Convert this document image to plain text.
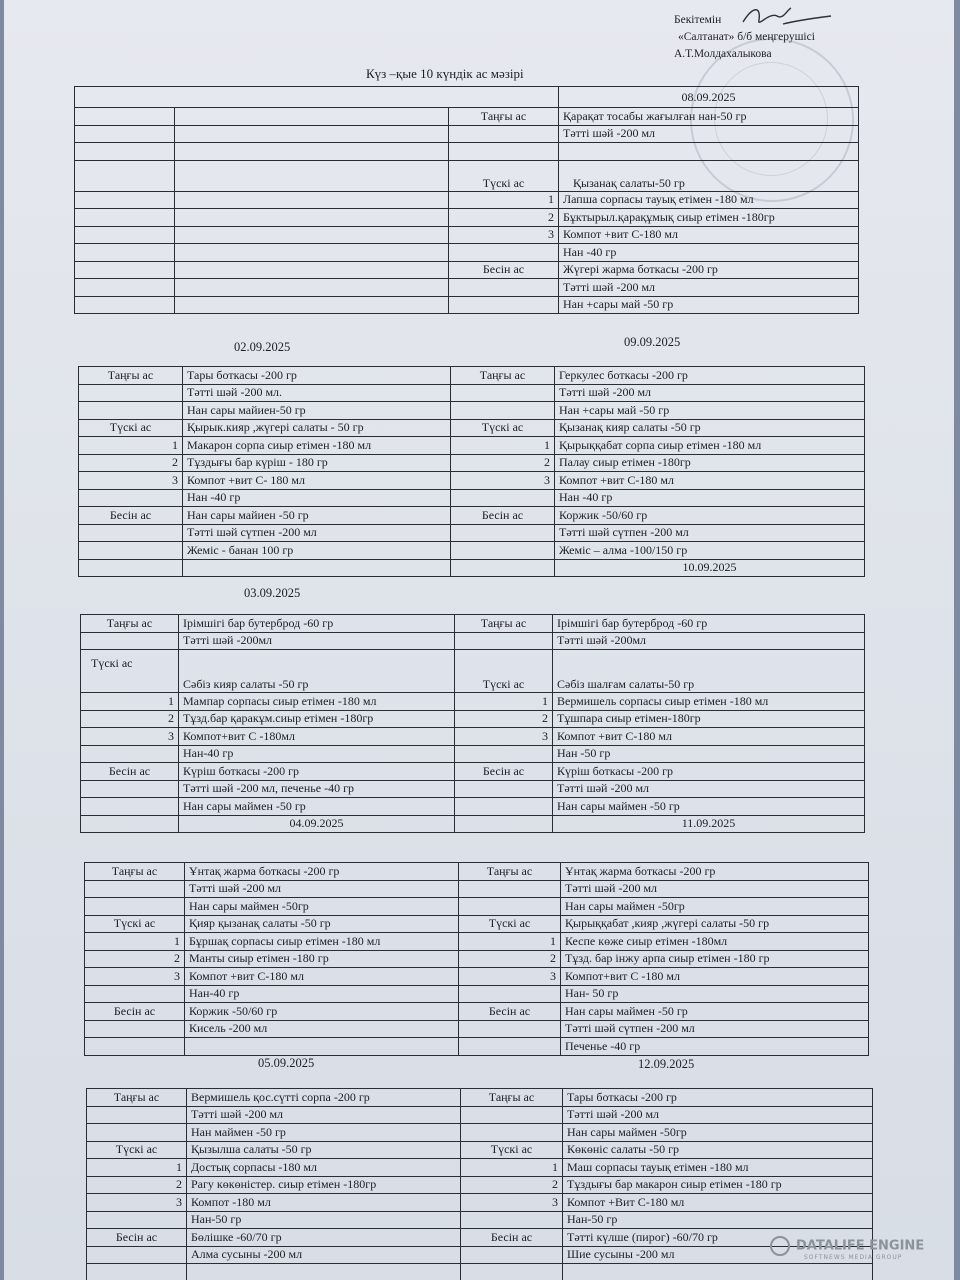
Бекітемін
«Салтанат» б/б меңгерушісі
А.Т.Молдахалыкова
Күз –қые 10 күндік ас мәзірі
			08.09.2025
		Таңғы ас	Қарақат тосабы жағылған нан-50 гр
			Тәтті шәй -200 мл

		Түскі ас	Қызанақ салаты-50 гр
		1	Лапша сорпасы тауық етімен -180 мл
		2	Бұктырыл.қарақұмық сиыр етімен -180гр
		3	Компот +вит С-180 мл
			Нан -40 гр
		Бесін ас	Жүгері жарма боткасы -200 гр
			Тәтті шәй -200 мл
			Нан +сары май -50 гр
02.09.2025	09.09.2025
Таңғы ас	Тары боткасы -200 гр	Таңғы ас	Геркулес боткасы -200 гр
	Тәтті шәй -200 мл.		Тәтті шәй -200 мл
	Нан сары майиен-50 гр		Нан +сары май -50 гр
Түскі ас	Қырык.кияр ,жүгері салаты - 50 гр	Түскі ас	Қызанақ кияр салаты -50 гр
1	Макарон сорпа сиыр етімен -180 мл	1	Қырыққабат сорпа сиыр етімен -180 мл
2	Тұздығы бар күріш - 180 гр	2	Палау сиыр етімен -180гр
3	Компот +вит С- 180 мл	3	Компот +вит С-180 мл
	Нан -40 гр		Нан -40 гр
Бесін ас	Нан сары майиен -50 гр	Бесін ас	Коржик -50/60 гр
	Тәтті шәй сүтпен -200 мл		Тәтті шәй сүтпен -200 мл
	Жеміс - банан 100 гр		Жеміс – алма -100/150 гр
			10.09.2025
03.09.2025
Таңғы ас	Ірімшігі бар бутерброд -60 гр	Таңғы ас	Ірімшігі бар бутерброд -60 гр
	Тәтті шәй -200мл		Тәтті шәй -200мл
Түскі ас	Сәбіз кияр салаты -50 гр	Түскі ас	Сәбіз шалғам салаты-50 гр
1	Мампар сорпасы сиыр етімен -180 мл	1	Вермишель сорпасы сиыр етімен -180 мл
2	Тұзд.бар қаракұм.сиыр етімен -180гр	2	Тұшпара сиыр етімен-180гр
3	Компот+вит С -180мл	3	Компот +вит С-180 мл
	Нан-40 гр		Нан -50 гр
Бесін ас	Күріш боткасы -200 гр	Бесін ас	Күріш боткасы -200 гр
	Тәтті шәй -200 мл, печенье -40 гр		Тәтті шәй -200 мл
	Нан сары маймен -50 гр		Нан сары маймен -50 гр
	04.09.2025		11.09.2025
Таңғы ас	Ұнтақ жарма боткасы -200 гр	Таңғы ас	Ұнтақ жарма боткасы -200 гр
	Тәтті шәй -200 мл		Тәтті шәй -200 мл
	Нан сары маймен -50гр		Нан сары маймен -50гр
Түскі ас	Қияр қызанақ салаты -50 гр	Түскі ас	Қырыққабат ,кияр ,жүгері салаты -50 гр
1	Бұршақ сорпасы сиыр етімен -180 мл	1	Кеспе көже сиыр етімен -180мл
2	Манты сиыр етімен -180 гр	2	Тұзд. бар інжу арпа сиыр етімен -180 гр
3	Компот +вит С-180 мл	3	Компот+вит С -180 мл
	Нан-40 гр		Нан- 50 гр
Бесін ас	Коржик -50/60 гр	Бесін ас	Нан сары маймен -50 гр
	Кисель -200 мл		Тәтті шәй сүтпен -200 мл
			Печенье -40 гр
05.09.2025	12.09.2025
Таңғы ас	Вермишель қос.сүтті сорпа -200 гр	Таңғы ас	Тары боткасы -200 гр
	Тәтті шәй -200 мл		Тәтті шәй -200 мл
	Нан маймен -50 гр		Нан сары маймен -50гр
Түскі ас	Қызылша салаты -50 гр	Түскі ас	Көкөніс салаты -50 гр
1	Достық сорпасы -180 мл	1	Маш сорпасы тауық етімен -180 мл
2	Рагу көкөністер. сиыр етімен -180гр	2	Тұздығы бар макарон сиыр етімен -180 гр
3	Компот -180 мл	3	Компот +Вит С-180 мл
	Нан-50 гр		Нан-50 гр
Бесін ас	Бөлішке -60/70 гр	Бесін ас	Тәтті күлше (пирог) -60/70 гр
	Алма сусыны -200 мл		Шие сусыны -200 мл

DATALIFE ENGINE
SOFTNEWS MEDIA GROUP
